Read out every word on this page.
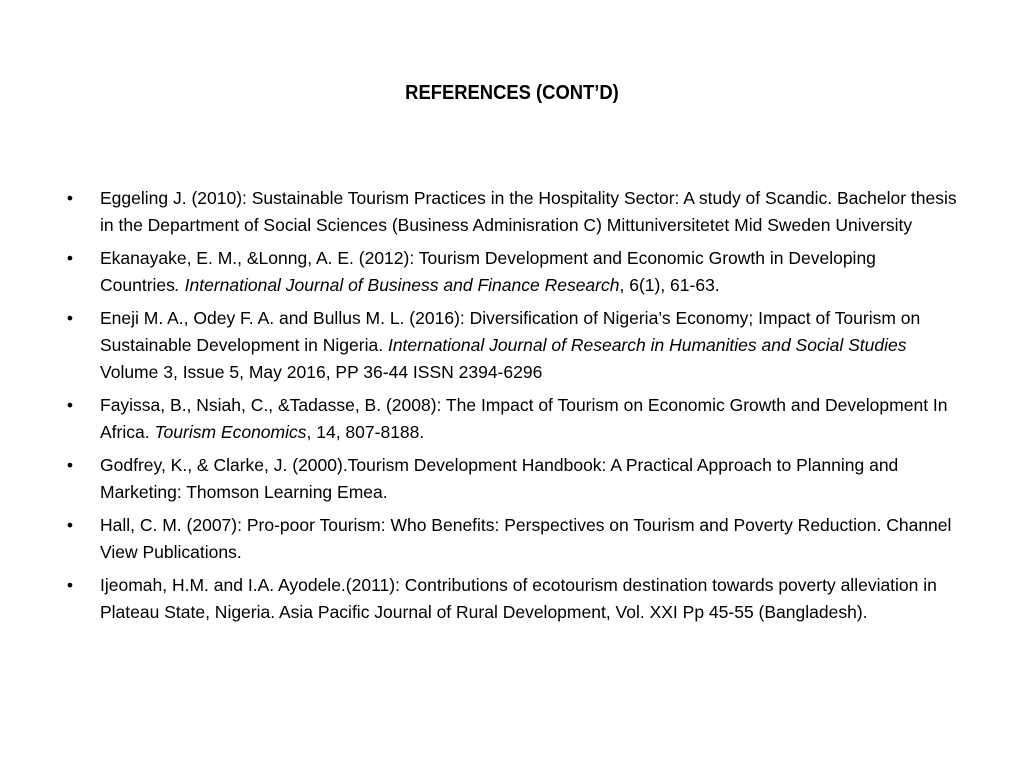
REFERENCES (CONT’D)
•	Eggeling J. (2010): Sustainable Tourism Practices in the Hospitality Sector: A study of Scandic. Bachelor thesis in the Department of Social Sciences (Business Adminisration C) Mittuniversitetet Mid Sweden University
•	Ekanayake, E. M., &Lonng, A. E. (2012): Tourism Development and Economic Growth in Developing Countries. International Journal of Business and Finance Research, 6(1), 61-63.
•	Eneji M. A., Odey F. A. and Bullus M. L. (2016): Diversification of Nigeria’s Economy; Impact of Tourism on Sustainable Development in Nigeria. International Journal of Research in Humanities and Social Studies Volume 3, Issue 5, May 2016, PP 36-44 ISSN 2394-6296
•	Fayissa, B., Nsiah, C., &Tadasse, B. (2008): The Impact of Tourism on Economic Growth and Development In Africa. Tourism Economics, 14, 807-8188.
•	Godfrey, K., & Clarke, J. (2000).Tourism Development Handbook: A Practical Approach to Planning and Marketing: Thomson Learning Emea.
•	Hall, C. M. (2007): Pro-poor Tourism: Who Benefits: Perspectives on Tourism and Poverty Reduction. Channel View Publications.
•	Ijeomah, H.M. and I.A. Ayodele.(2011): Contributions of ecotourism destination towards poverty alleviation in Plateau State, Nigeria. Asia Pacific Journal of Rural Development, Vol. XXI Pp 45-55 (Bangladesh).
